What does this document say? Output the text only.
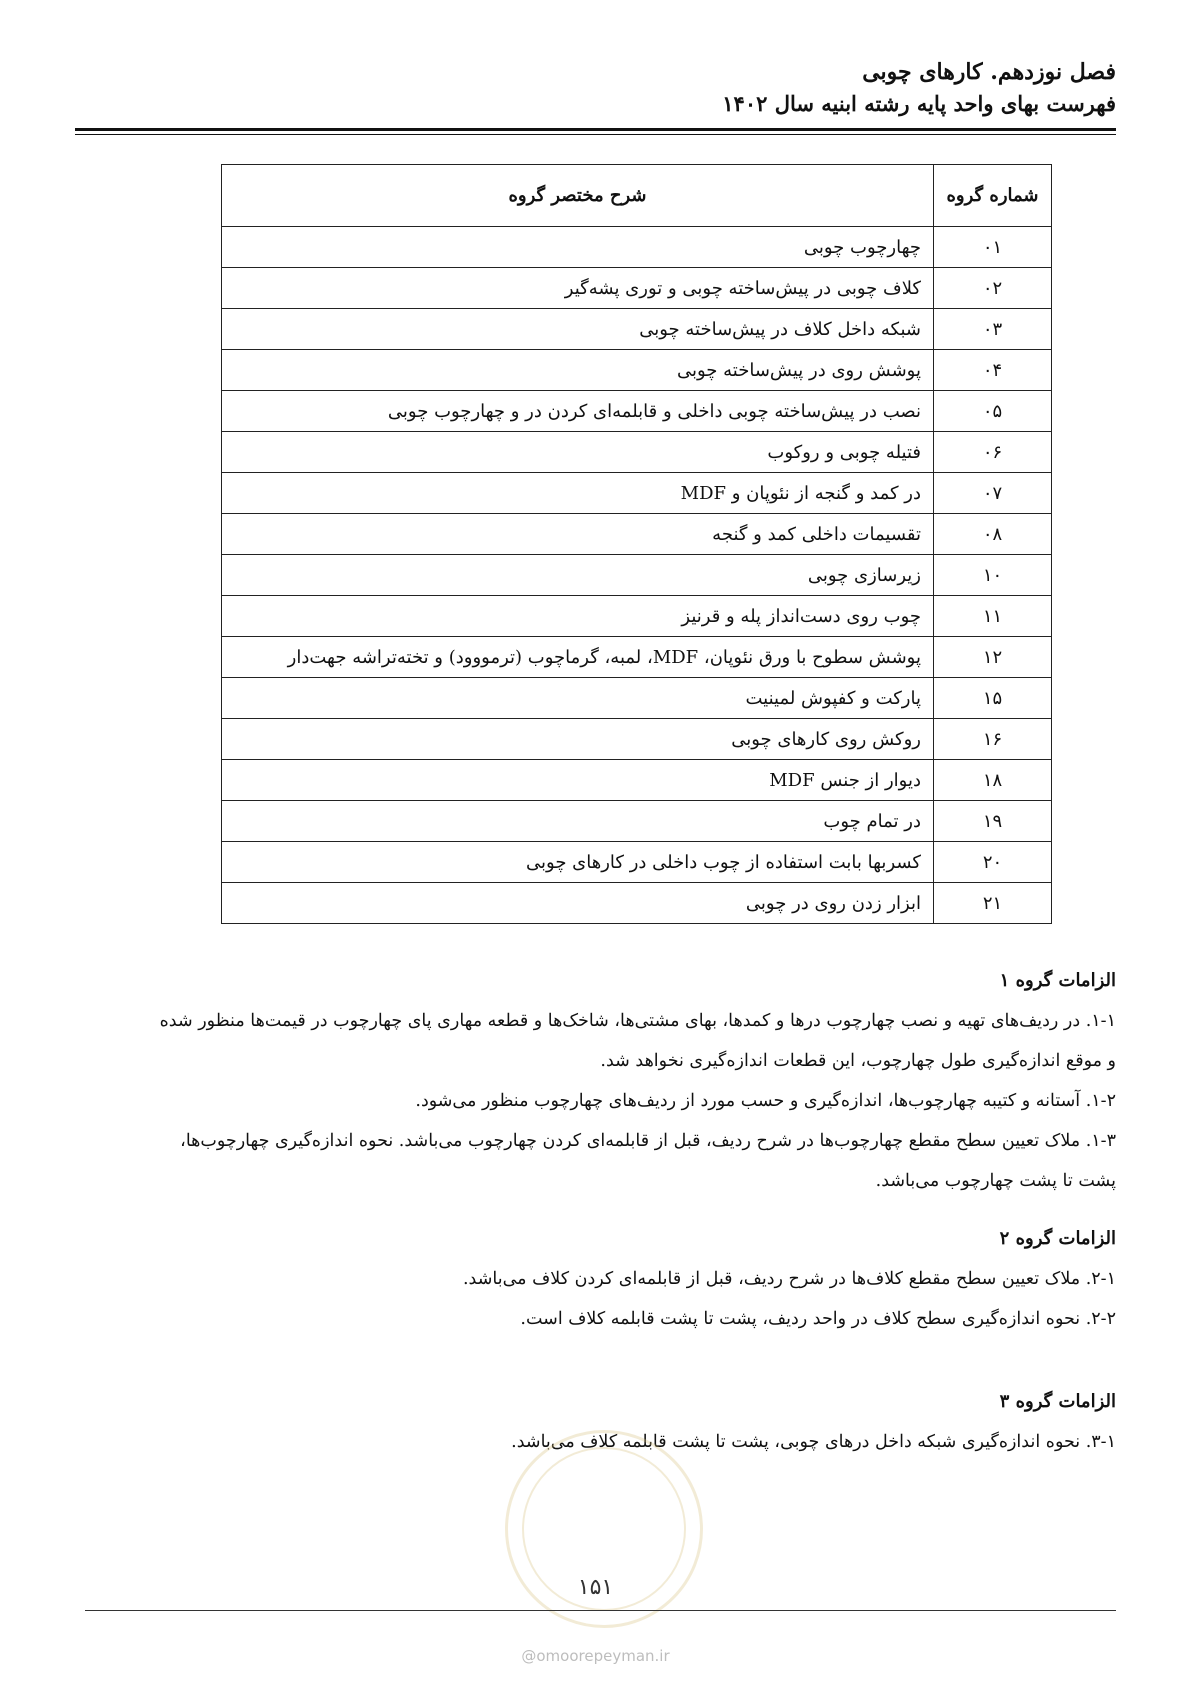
فصل نوزدهم. کارهای چوبی
فهرست بهای واحد پایه رشته ابنیه سال ۱۴۰۲
شماره گروه	شرح مختصر گروه
۰۱	چهارچوب چوبی
۰۲	کلاف چوبی در پیش‌ساخته چوبی و توری پشه‌گیر
۰۳	شبکه داخل کلاف در پیش‌ساخته چوبی
۰۴	پوشش روی در پیش‌ساخته چوبی
۰۵	نصب در پیش‌ساخته چوبی داخلی و قابلمه‌ای کردن در و چهارچوب چوبی
۰۶	فتیله چوبی و روکوب
۰۷	در کمد و گنجه از نئوپان و MDF
۰۸	تقسیمات داخلی کمد و گنجه
۱۰	زیرسازی چوبی
۱۱	چوب روی دست‌انداز پله و قرنیز
۱۲	پوشش سطوح با ورق نئوپان، MDF، لمبه، گرماچوب (ترمووود) و تخته‌تراشه جهت‌دار
۱۵	پارکت و کفپوش لمینیت
۱۶	روکش روی کارهای چوبی
۱۸	دیوار از جنس MDF
۱۹	در تمام چوب
۲۰	کسربها بابت استفاده از چوب داخلی در کارهای چوبی
۲۱	ابزار زدن روی در چوبی
الزامات گروه ۱

۱-۱. در ردیف‌های تهیه و نصب چهارچوب درها و کمدها، بهای مشتی‌ها، شاخک‌ها و قطعه مهاری پای چهارچوب در قیمت‌ها منظور شده

و موقع اندازه‌گیری طول چهارچوب، این قطعات اندازه‌گیری نخواهد شد.

۱-۲. آستانه و کتیبه چهارچوب‌ها، اندازه‌گیری و حسب مورد از ردیف‌های چهارچوب منظور می‌شود.

۱-۳. ملاک تعیین سطح مقطع چهارچوب‌ها در شرح ردیف، قبل از قابلمه‌ای کردن چهارچوب می‌باشد. نحوه اندازه‌گیری چهارچوب‌ها،

پشت تا پشت چهارچوب می‌باشد.

الزامات گروه ۲

۲-۱. ملاک تعیین سطح مقطع کلاف‌ها در شرح ردیف، قبل از قابلمه‌ای کردن کلاف می‌باشد.

۲-۲. نحوه اندازه‌گیری سطح کلاف در واحد ردیف، پشت تا پشت قابلمه کلاف است.

الزامات گروه ۳

۳-۱. نحوه اندازه‌گیری شبکه داخل درهای چوبی، پشت تا پشت قابلمه کلاف می‌باشد.

۱۵۱
@omoorepeyman.ir
